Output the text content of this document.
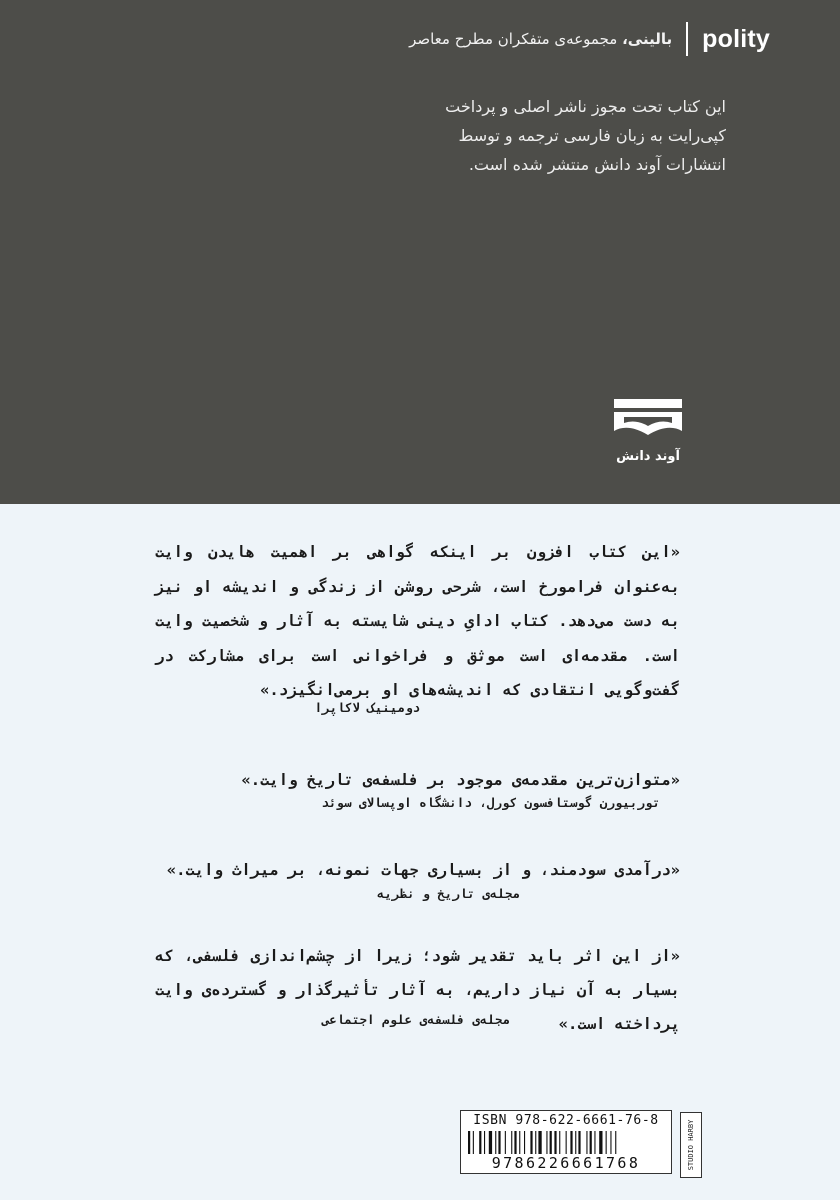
بالینی، مجموعه‌ی متفکران مطرح معاصر	polity
این کتاب تحت مجوز ناشر اصلی و پرداخت کپی‌رایت به زبان فارسی ترجمه و توسط انتشارات آوند دانش منتشر شده است.
آوند دانش
«این کتاب افزون بر اینکه گواهی بر اهمیت هایدن وایت به‌عنوان فرامورخ است، شرحی روشن از زندگی و اندیشه او نیز به دست می‌دهد. کتاب اداىِ دینی شایسته به آثار و شخصیت وایت است. مقدمه‌ای است موثق و فراخوانی است برای مشارکت در گفت‌وگویی انتقادی که اندیشه‌های او برمی‌انگیزد.»
دومینیک لاکاپرا
«متوازن‌ترین مقدمه‌ی موجود بر فلسفه‌ی تاریخ وایت.»
توربیورن گوستافسون کورل، دانشگاه اوپسالای سوئد
«درآمدی سودمند، و از بسیاری جهات نمونه، بر میراث وایت.»
مجله‌ی تاریخ و نظریه
«از این اثر باید تقدیر شود؛ زیرا از چشم‌اندازی فلسفی، که بسیار به آن نیاز داریم، به آثار تأثیرگذار و گسترده‌ی وایت پرداخته است.»
مجله‌ی فلسفه‌ی علوم اجتماعی
ISBN 978-622-6661-76-8
9786226661768	STUDIO HARBY
